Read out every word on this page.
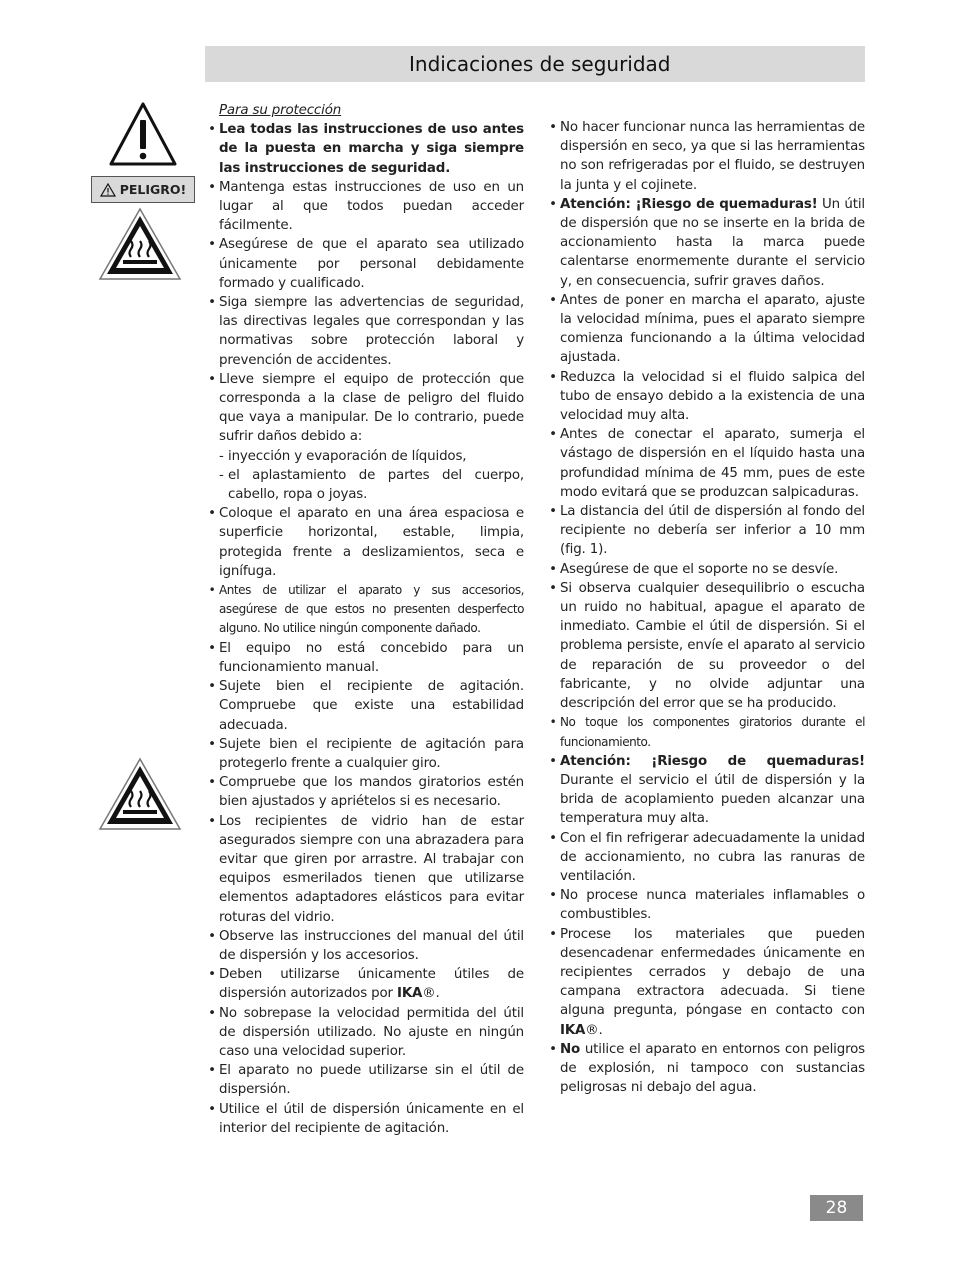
Indicaciones de seguridad
PELIGRO!
Para su protección
• Lea todas las instrucciones de uso antes de la puesta en marcha y siga siempre las instrucciones de seguridad.
• Mantenga estas instrucciones de uso en un lugar al que todos puedan acceder fácilmente.
• Asegúrese de que el aparato sea utilizado únicamente por personal debidamente formado y cualificado.
• Siga siempre las advertencias de seguridad, las directivas legales que correspondan y las normativas sobre protección laboral y prevención de accidentes.
• Lleve siempre el equipo de protección que corresponda a la clase de peligro del fluido que vaya a manipular. De lo contrario, puede sufrir daños debido a:
- inyección y evaporación de líquidos,
- el aplastamiento de partes del cuerpo, cabello, ropa o joyas.
• Coloque el aparato en una área espaciosa e superficie horizontal, estable, limpia, protegida frente a deslizamientos, seca e ignífuga.
• Antes de utilizar el aparato y sus accesorios, asegúrese de que estos no presenten desperfecto alguno. No utilice ningún componente dañado.
• El equipo no está concebido para un funcionamiento manual.
• Sujete bien el recipiente de agitación. Compruebe que existe una estabilidad adecuada.
• Sujete bien el recipiente de agitación para protegerlo frente a cualquier giro.
• Compruebe que los mandos giratorios estén bien ajustados y apriételos si es necesario.
• Los recipientes de vidrio han de estar asegurados siempre con una abrazadera para evitar que giren por arrastre. Al trabajar con equipos esmerilados tienen que utilizarse elementos adaptadores elásticos para evitar roturas del vidrio.
• Observe las instrucciones del manual del útil de dispersión y los accesorios.
• Deben utilizarse únicamente útiles de dispersión autorizados por IKA®.
• No sobrepase la velocidad permitida del útil de dispersión utilizado. No ajuste en ningún caso una velocidad superior.
• El aparato no puede utilizarse sin el útil de dispersión.
• Utilice el útil de dispersión únicamente en el interior del recipiente de agitación.
• No hacer funcionar nunca las herramientas de dispersión en seco, ya que si las herramientas no son refrigeradas por el fluido, se destruyen la junta y el cojinete.
• Atención: ¡Riesgo de quemaduras! Un útil de dispersión que no se inserte en la brida de accionamiento hasta la marca puede calentarse enormemente durante el servicio y, en consecuencia, sufrir graves daños.
• Antes de poner en marcha el aparato, ajuste la velocidad mínima, pues el aparato siempre comienza funcionando a la última velocidad ajustada.
• Reduzca la velocidad si el fluido salpica del tubo de ensayo debido a la existencia de una velocidad muy alta.
• Antes de conectar el aparato, sumerja el vástago de dispersión en el líquido hasta una profundidad mínima de 45 mm, pues de este modo evitará que se produzcan salpicaduras.
• La distancia del útil de dispersión al fondo del recipiente no debería ser inferior a 10 mm (fig. 1).
• Asegúrese de que el soporte no se desvíe.
• Si observa cualquier desequilibrio o escucha un ruido no habitual, apague el aparato de inmediato. Cambie el útil de dispersión. Si el problema persiste, envíe el aparato al servicio de reparación de su proveedor o del fabricante, y no olvide adjuntar una descripción del error que se ha producido.
• No toque los componentes giratorios durante el funcionamiento.
• Atención: ¡Riesgo de quemaduras! Durante el servicio el útil de dispersión y la brida de acoplamiento pueden alcanzar una temperatura muy alta.
• Con el fin refrigerar adecuadamente la unidad de accionamiento, no cubra las ranuras de ventilación.
• No procese nunca materiales inflamables o combustibles.
• Procese los materiales que pueden desencadenar enfermedades únicamente en recipientes cerrados y debajo de una campana extractora adecuada. Si tiene alguna pregunta, póngase en contacto con IKA®.
• No utilice el aparato en entornos con peligros de explosión, ni tampoco con sustancias peligrosas ni debajo del agua.
28
